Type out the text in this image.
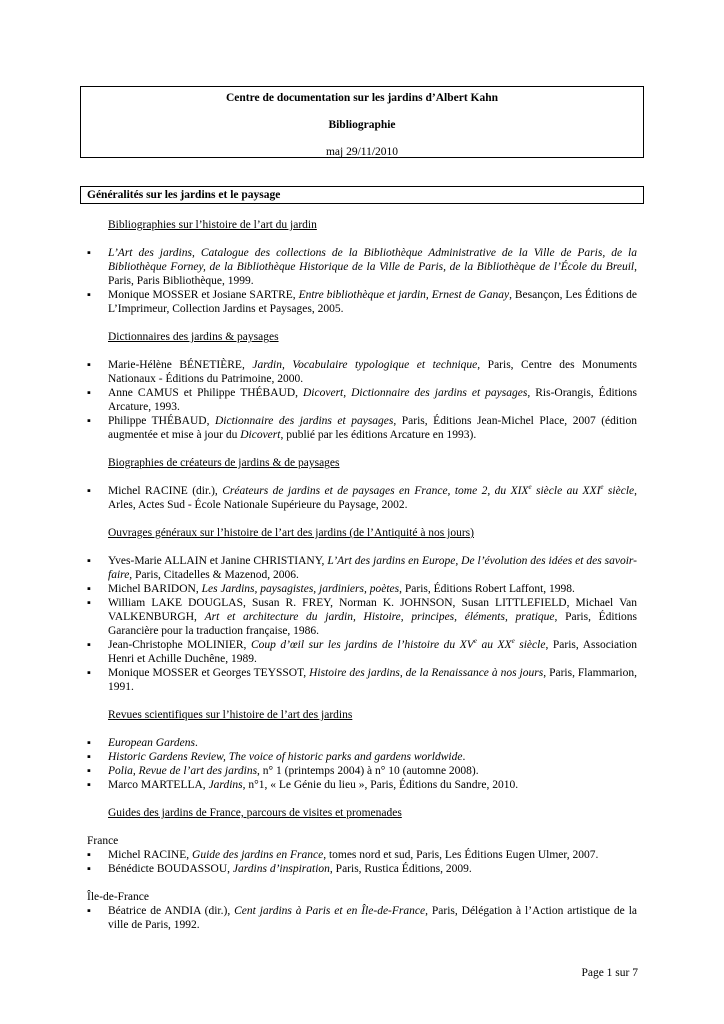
Centre de documentation sur les jardins d’Albert Kahn
Bibliographie
maj 29/11/2010
Généralités sur les jardins et le paysage

Bibliographies sur l’histoire de l’art du jardin

▪ L’Art des jardins, Catalogue des collections de la Bibliothèque Administrative de la Ville de Paris, de la Bibliothèque Forney, de la Bibliothèque Historique de la Ville de Paris, de la Bibliothèque de l’École du Breuil, Paris, Paris Bibliothèque, 1999.
▪ Monique MOSSER et Josiane SARTRE, Entre bibliothèque et jardin, Ernest de Ganay, Besançon, Les Éditions de L’Imprimeur, Collection Jardins et Paysages, 2005.

Dictionnaires des jardins & paysages

▪ Marie-Hélène BÉNETIÈRE, Jardin, Vocabulaire typologique et technique, Paris, Centre des Monuments Nationaux - Éditions du Patrimoine, 2000.
▪ Anne CAMUS et Philippe THÉBAUD, Dicovert, Dictionnaire des jardins et paysages, Ris-Orangis, Éditions Arcature, 1993.
▪ Philippe THÉBAUD, Dictionnaire des jardins et paysages, Paris, Éditions Jean-Michel Place, 2007 (édition augmentée et mise à jour du Dicovert, publié par les éditions Arcature en 1993).

Biographies de créateurs de jardins & de paysages

▪ Michel RACINE (dir.), Créateurs de jardins et de paysages en France, tome 2, du XIXe siècle au XXIe siècle, Arles, Actes Sud - École Nationale Supérieure du Paysage, 2002.

Ouvrages généraux sur l’histoire de l’art des jardins (de l’Antiquité à nos jours)

▪ Yves-Marie ALLAIN et Janine CHRISTIANY, L’Art des jardins en Europe, De l’évolution des idées et des savoir-faire, Paris, Citadelles & Mazenod, 2006.
▪ Michel BARIDON, Les Jardins, paysagistes, jardiniers, poètes, Paris, Éditions Robert Laffont, 1998.
▪ William LAKE DOUGLAS, Susan R. FREY, Norman K. JOHNSON, Susan LITTLEFIELD, Michael Van VALKENBURGH, Art et architecture du jardin, Histoire, principes, éléments, pratique, Paris, Éditions Garancière pour la traduction française, 1986.
▪ Jean-Christophe MOLINIER, Coup d’œil sur les jardins de l’histoire du XVe au XXe siècle, Paris, Association Henri et Achille Duchêne, 1989.
▪ Monique MOSSER et Georges TEYSSOT, Histoire des jardins, de la Renaissance à nos jours, Paris, Flammarion, 1991.

Revues scientifiques sur l’histoire de l’art des jardins

▪ European Gardens.
▪ Historic Gardens Review, The voice of historic parks and gardens worldwide.
▪ Polia, Revue de l’art des jardins, n° 1 (printemps 2004) à n° 10 (automne 2008).
▪ Marco MARTELLA, Jardins, n°1, « Le Génie du lieu », Paris, Éditions du Sandre, 2010.

Guides des jardins de France, parcours de visites et promenades

France

▪ Michel RACINE, Guide des jardins en France, tomes nord et sud, Paris, Les Éditions Eugen Ulmer, 2007.
▪ Bénédicte BOUDASSOU, Jardins d’inspiration, Paris, Rustica Éditions, 2009.

Île-de-France

▪ Béatrice de ANDIA (dir.), Cent jardins à Paris et en Île-de-France, Paris, Délégation à l’Action artistique de la ville de Paris, 1992.
Page 1 sur 7
